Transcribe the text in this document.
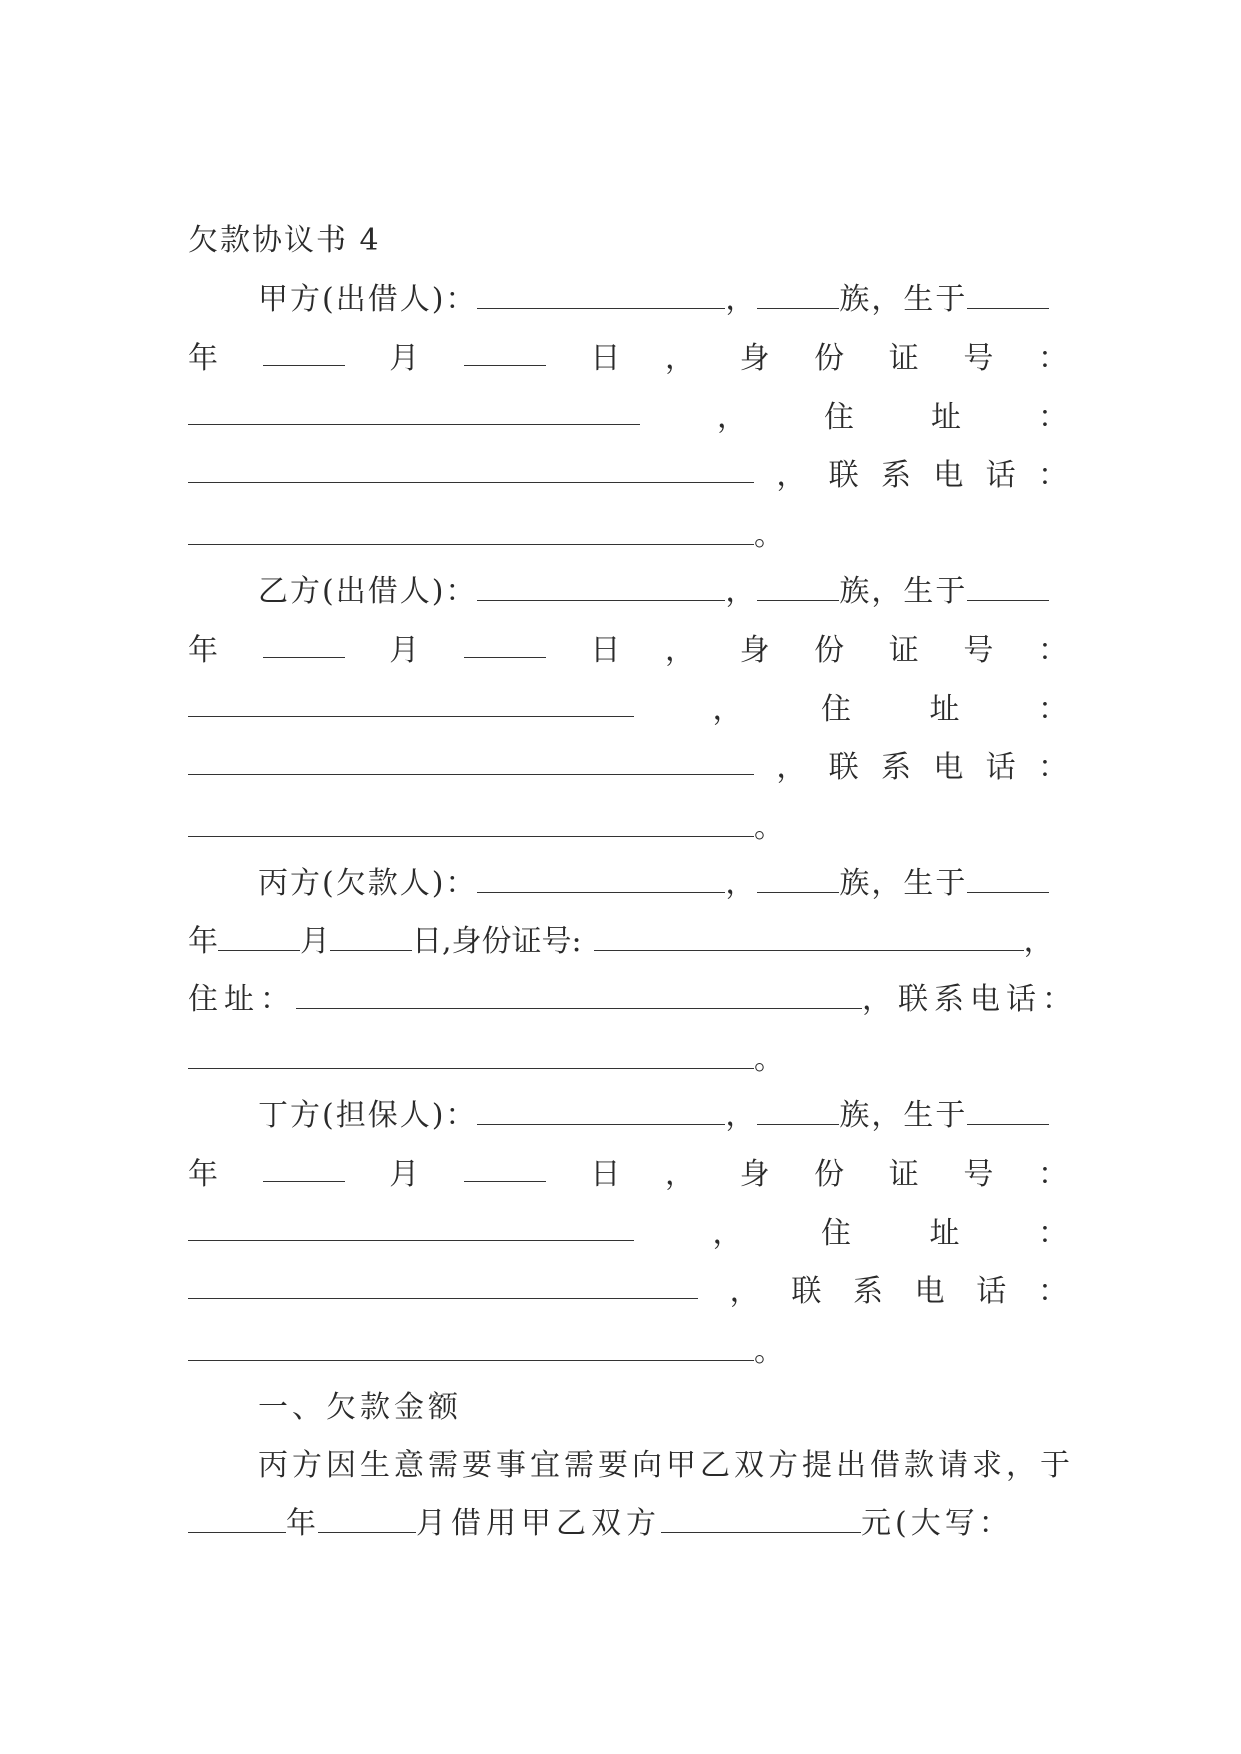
欠款协议书 4
甲方(出借人)：	，	族，生于
年	月	日 ， 身 份 证 号 ：
，	住	址	：
， 联 系 电 话 ：
。
乙方(出借人)：	，	族，生于
年	月	日 ， 身 份 证 号 ：
，	住	址	：
， 联 系 电 话 ：
。
丙方(欠款人)：	，	族，生于
年	月	日,身份证号:	，
住址：	，联系电话：
。
丁方(担保人)：	，	族，生于
年	月	日 ， 身 份 证 号 ：
，	住	址	：
， 联 系 电 话 ：
。
一、欠款金额
丙方因生意需要事宜需要向甲乙双方提出借款请求，于
年	月借用甲乙双方	元(大写：
